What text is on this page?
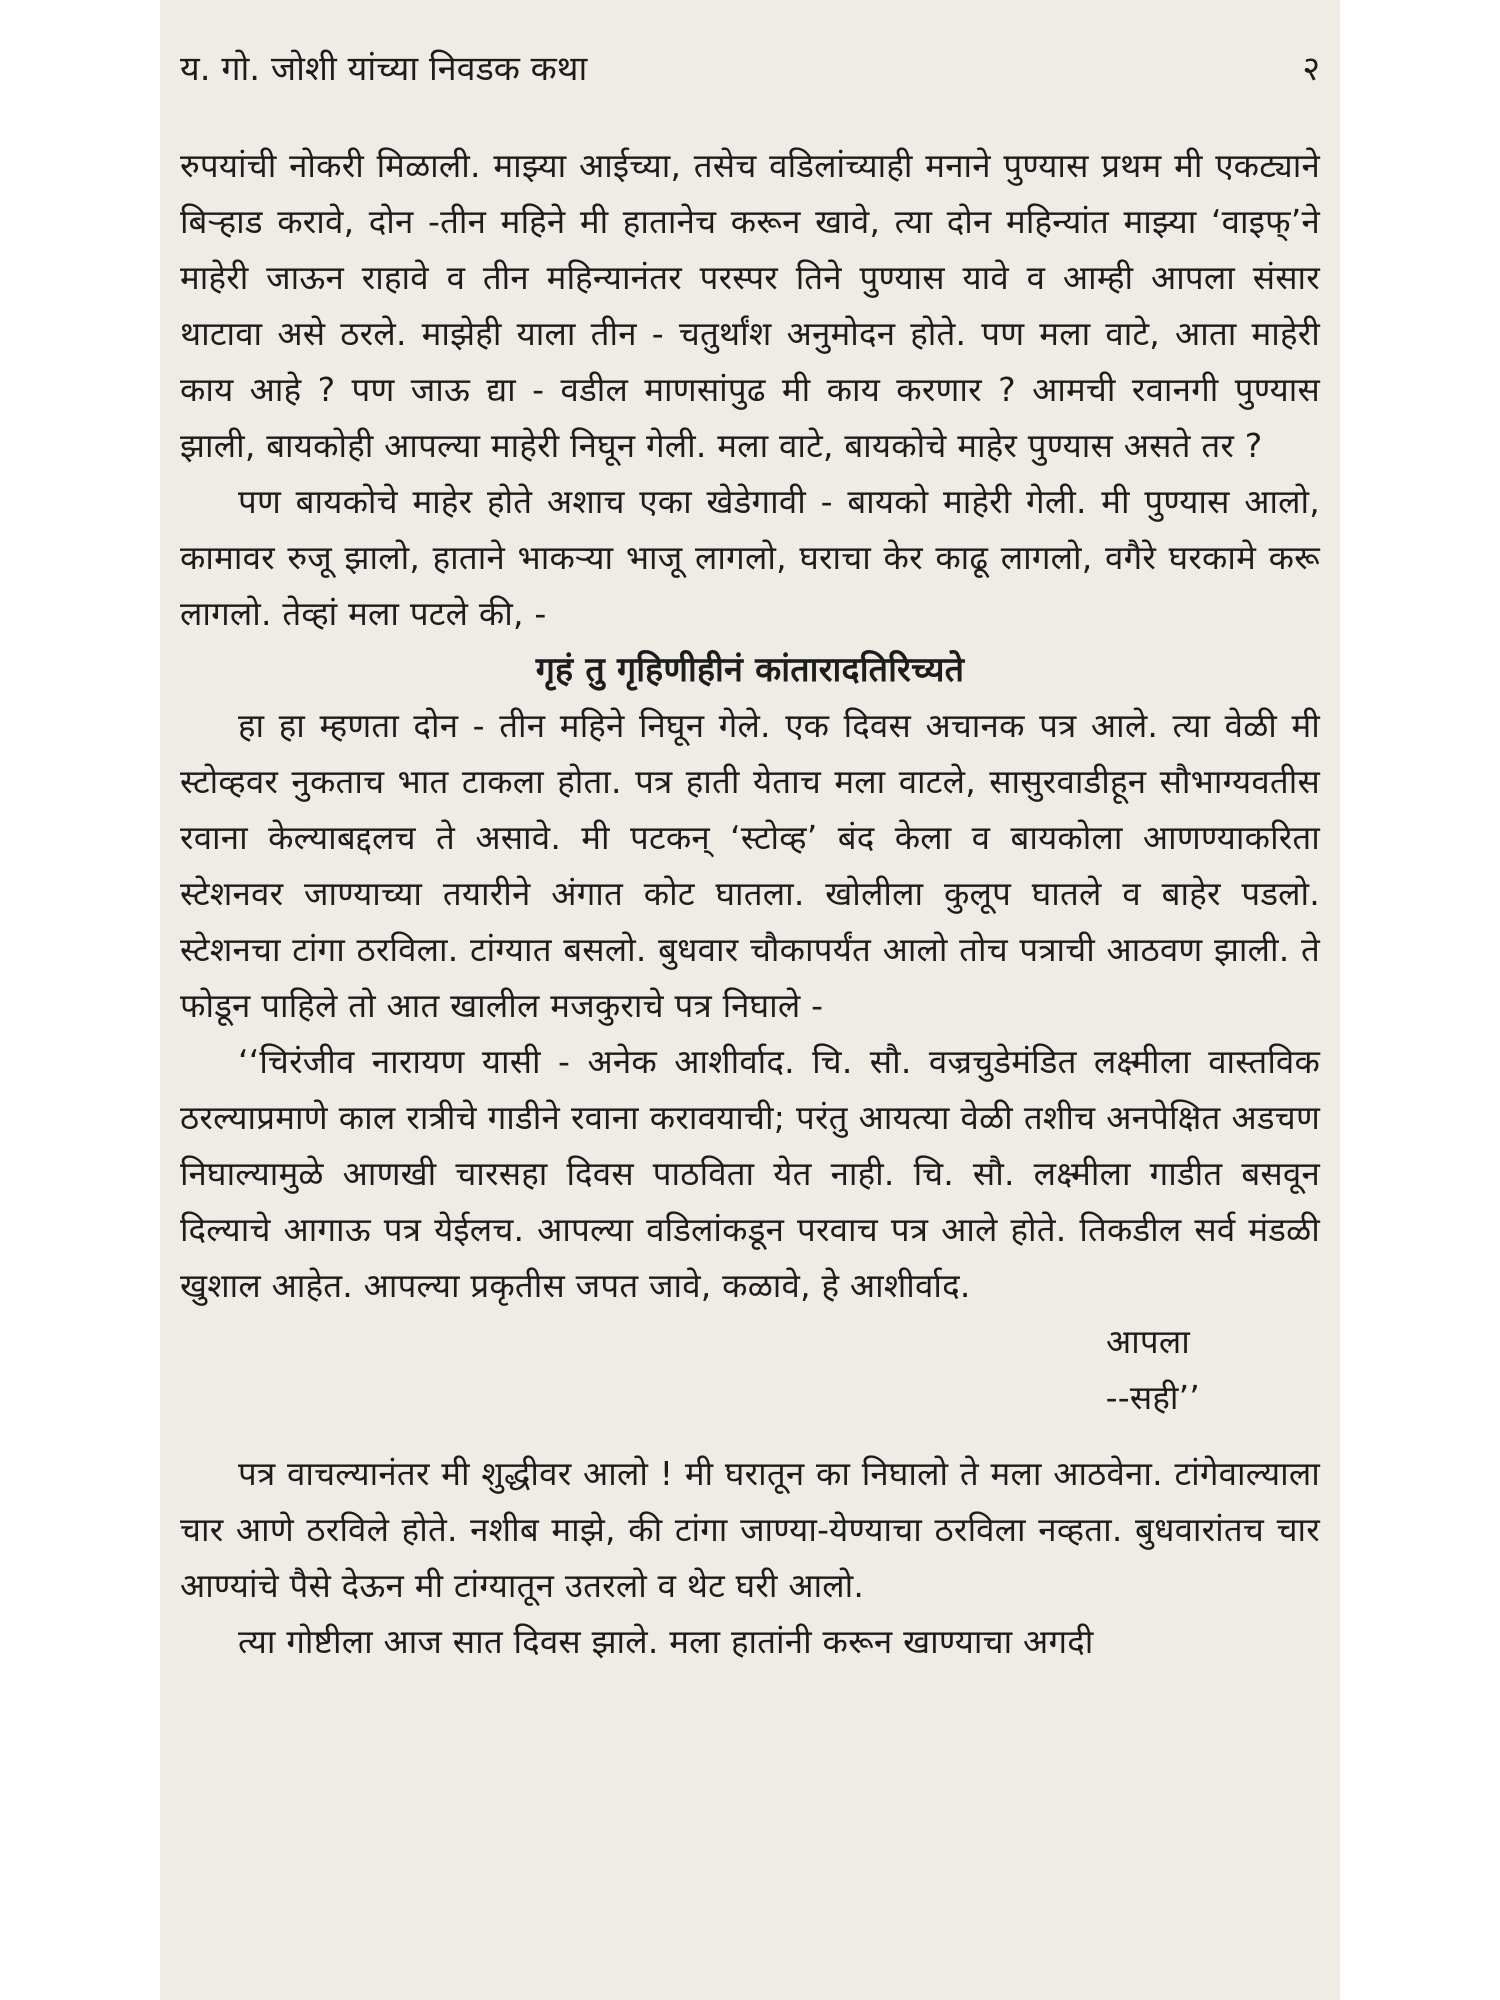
य. गो. जोशी यांच्या निवडक कथा	२

रुपयांची नोकरी मिळाली. माझ्या आईच्या, तसेच वडिलांच्याही मनाने पुण्यास प्रथम मी एकट्याने बिऱ्हाड करावे, दोन -तीन महिने मी हातानेच करून खावे, त्या दोन महिन्यांत माझ्या ‘वाइफ्’ने माहेरी जाऊन राहावे व तीन महिन्यानंतर परस्पर तिने पुण्यास यावे व आम्ही आपला संसार थाटावा असे ठरले. माझेही याला तीन - चतुर्थांश अनुमोदन होते. पण मला वाटे, आता माहेरी काय आहे ? पण जाऊ द्या - वडील माणसांपुढ मी काय करणार ? आमची रवानगी पुण्यास झाली, बायकोही आपल्या माहेरी निघून गेली. मला वाटे, बायकोचे माहेर पुण्यास असते तर ?

पण बायकोचे माहेर होते अशाच एका खेडेगावी - बायको माहेरी गेली. मी पुण्यास आलो, कामावर रुजू झालो, हाताने भाकऱ्या भाजू लागलो, घराचा केर काढू लागलो, वगैरे घरकामे करू लागलो. तेव्हां मला पटले की, -

गृहं तु गृहिणीहीनं कांतारादतिरिच्यते

हा हा म्हणता दोन - तीन महिने निघून गेले. एक दिवस अचानक पत्र आले. त्या वेळी मी स्टोव्हवर नुकताच भात टाकला होता. पत्र हाती येताच मला वाटले, सासुरवाडीहून सौभाग्यवतीस रवाना केल्याबद्दलच ते असावे. मी पटकन् ‘स्टोव्ह’ बंद केला व बायकोला आणण्याकरिता स्टेशनवर जाण्याच्या तयारीने अंगात कोट घातला. खोलीला कुलूप घातले व बाहेर पडलो. स्टेशनचा टांगा ठरविला. टांग्यात बसलो. बुधवार चौकापर्यंत आलो तोच पत्राची आठवण झाली. ते फोडून पाहिले तो आत खालील मजकुराचे पत्र निघाले -

‘‘चिरंजीव नारायण यासी - अनेक आशीर्वाद. चि. सौ. वज्रचुडेमंडित लक्ष्मीला वास्तविक ठरल्याप्रमाणे काल रात्रीचे गाडीने रवाना करावयाची; परंतु आयत्या वेळी तशीच अनपेक्षित अडचण निघाल्यामुळे आणखी चारसहा दिवस पाठविता येत नाही. चि. सौ. लक्ष्मीला गाडीत बसवून दिल्याचे आगाऊ पत्र येईलच. आपल्या वडिलांकडून परवाच पत्र आले होते. तिकडील सर्व मंडळी खुशाल आहेत. आपल्या प्रकृतीस जपत जावे, कळावे, हे आशीर्वाद.

आपला

--सही’’

पत्र वाचल्यानंतर मी शुद्धीवर आलो ! मी घरातून का निघालो ते मला आठवेना. टांगेवाल्याला चार आणे ठरविले होते. नशीब माझे, की टांगा जाण्या-येण्याचा ठरविला नव्हता. बुधवारांतच चार आण्यांचे पैसे देऊन मी टांग्यातून उतरलो व थेट घरी आलो.

त्या गोष्टीला आज सात दिवस झाले. मला हातांनी करून खाण्याचा अगदी
